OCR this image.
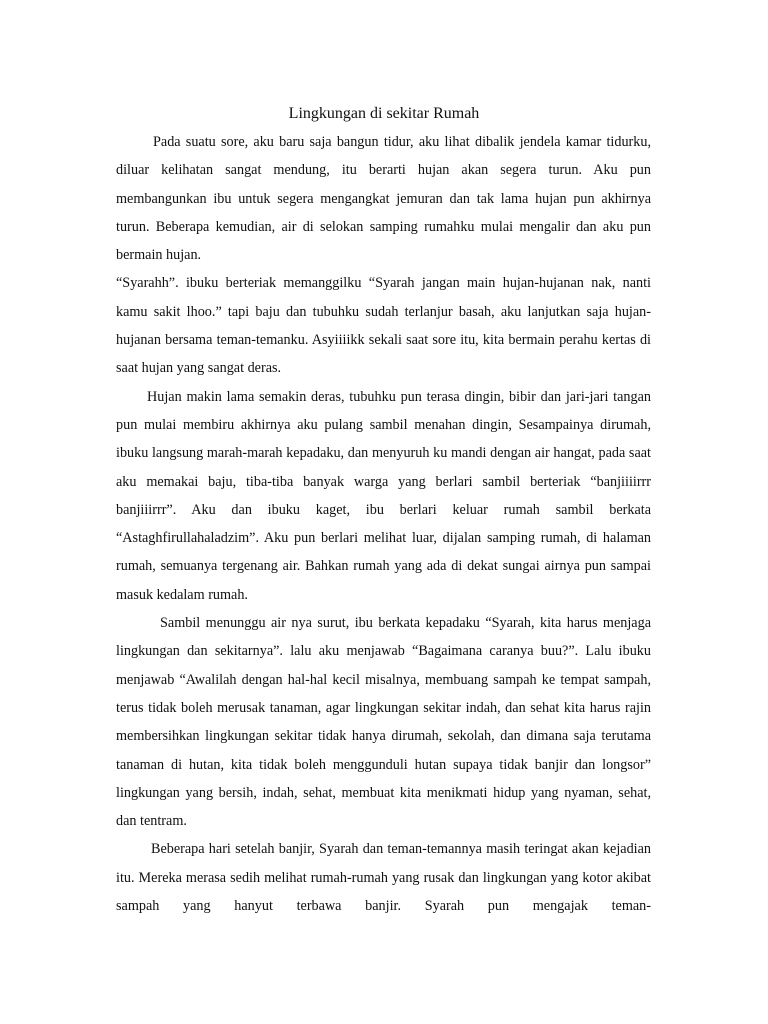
Lingkungan di sekitar Rumah

Pada suatu sore, aku baru saja bangun tidur, aku lihat dibalik jendela kamar tidurku, diluar kelihatan sangat mendung, itu berarti hujan akan segera turun. Aku pun membangunkan ibu untuk segera mengangkat jemuran dan tak lama hujan pun akhirnya turun. Beberapa kemudian, air di selokan samping rumahku mulai mengalir dan aku pun bermain hujan.

“Syarahh”. ibuku berteriak memanggilku “Syarah jangan main hujan-hujanan nak, nanti kamu sakit lhoo.” tapi baju dan tubuhku sudah terlanjur basah, aku lanjutkan saja hujan-hujanan bersama teman-temanku. Asyiiiikk sekali saat sore itu, kita bermain perahu kertas di saat hujan yang sangat deras.

Hujan makin lama semakin deras, tubuhku pun terasa dingin, bibir dan jari-jari tangan pun mulai membiru akhirnya aku pulang sambil menahan dingin, Sesampainya dirumah, ibuku langsung marah-marah kepadaku, dan menyuruh ku mandi dengan air hangat, pada saat aku memakai baju, tiba-tiba banyak warga yang berlari sambil berteriak “banjiiiirrr banjiiirrr”. Aku dan ibuku kaget, ibu berlari keluar rumah sambil berkata “Astaghfirullahaladzim”. Aku pun berlari melihat luar, dijalan samping rumah, di halaman rumah, semuanya tergenang air. Bahkan rumah yang ada di dekat sungai airnya pun sampai masuk kedalam rumah.

Sambil menunggu air nya surut, ibu berkata kepadaku “Syarah, kita harus menjaga lingkungan dan sekitarnya”. lalu aku menjawab “Bagaimana caranya buu?”. Lalu ibuku menjawab “Awalilah dengan hal-hal kecil misalnya, membuang sampah ke tempat sampah, terus tidak boleh merusak tanaman, agar lingkungan sekitar indah, dan sehat kita harus rajin membersihkan lingkungan sekitar tidak hanya dirumah, sekolah, dan dimana saja terutama tanaman di hutan, kita tidak boleh menggunduli hutan supaya tidak banjir dan longsor” lingkungan yang bersih, indah, sehat, membuat kita menikmati hidup yang nyaman, sehat, dan tentram.

Beberapa hari setelah banjir, Syarah dan teman-temannya masih teringat akan kejadian itu. Mereka merasa sedih melihat rumah-rumah yang rusak dan lingkungan yang kotor akibat sampah yang hanyut terbawa banjir. Syarah pun mengajak teman-
